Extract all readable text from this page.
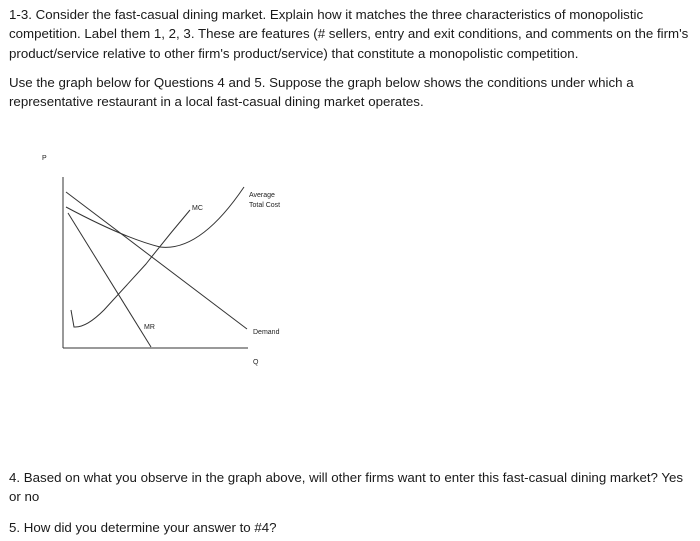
1-3. Consider the fast-casual dining market. Explain how it matches the three characteristics of monopolistic competition. Label them 1, 2, 3. These are features (# sellers, entry and exit conditions, and comments on the firm's product/service relative to other firm's product/service) that constitute a monopolistic competition.

Use the graph below for Questions 4 and 5. Suppose the graph below shows the conditions under which a representative restaurant in a local fast-casual dining market operates.

P
Q
MC
Average
Total Cost
MR
Demand

4. Based on what you observe in the graph above, will other firms want to enter this fast-casual dining market? Yes or no

5. How did you determine your answer to #4?
